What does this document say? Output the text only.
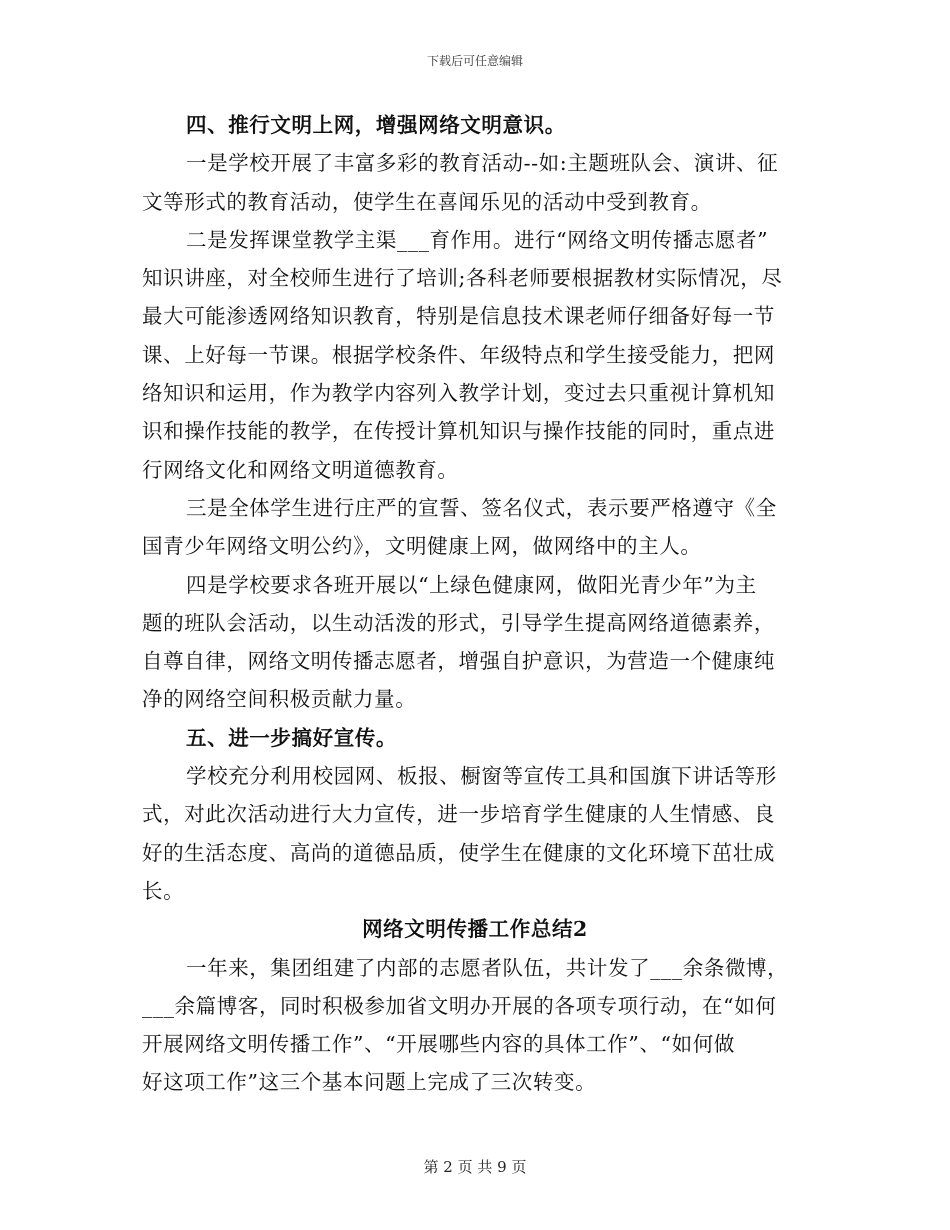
下载后可任意编辑
四、推行文明上网，增强网络文明意识。
一是学校开展了丰富多彩的教育活动--如:主题班队会、演讲、征
文等形式的教育活动，使学生在喜闻乐见的活动中受到教育。
二是发挥课堂教学主渠___育作用。进行“网络文明传播志愿者”
知识讲座，对全校师生进行了培训;各科老师要根据教材实际情况，尽
最大可能渗透网络知识教育，特别是信息技术课老师仔细备好每一节
课、上好每一节课。根据学校条件、年级特点和学生接受能力，把网
络知识和运用，作为教学内容列入教学计划，变过去只重视计算机知
识和操作技能的教学，在传授计算机知识与操作技能的同时，重点进
行网络文化和网络文明道德教育。
三是全体学生进行庄严的宣誓、签名仪式，表示要严格遵守《全
国青少年网络文明公约》，文明健康上网，做网络中的主人。
四是学校要求各班开展以“上绿色健康网，做阳光青少年”为主
题的班队会活动，以生动活泼的形式，引导学生提高网络道德素养，
自尊自律，网络文明传播志愿者，增强自护意识，为营造一个健康纯
净的网络空间积极贡献力量。
五、进一步搞好宣传。
学校充分利用校园网、板报、橱窗等宣传工具和国旗下讲话等形
式，对此次活动进行大力宣传，进一步培育学生健康的人生情感、良
好的生活态度、高尚的道德品质，使学生在健康的文化环境下茁壮成
长。
网络文明传播工作总结2
一年来，集团组建了内部的志愿者队伍，共计发了___余条微博，
___余篇博客，同时积极参加省文明办开展的各项专项行动，在“如何
开展网络文明传播工作”、“开展哪些内容的具体工作”、“如何做
好这项工作”这三个基本问题上完成了三次转变。
第 2 页 共 9 页
